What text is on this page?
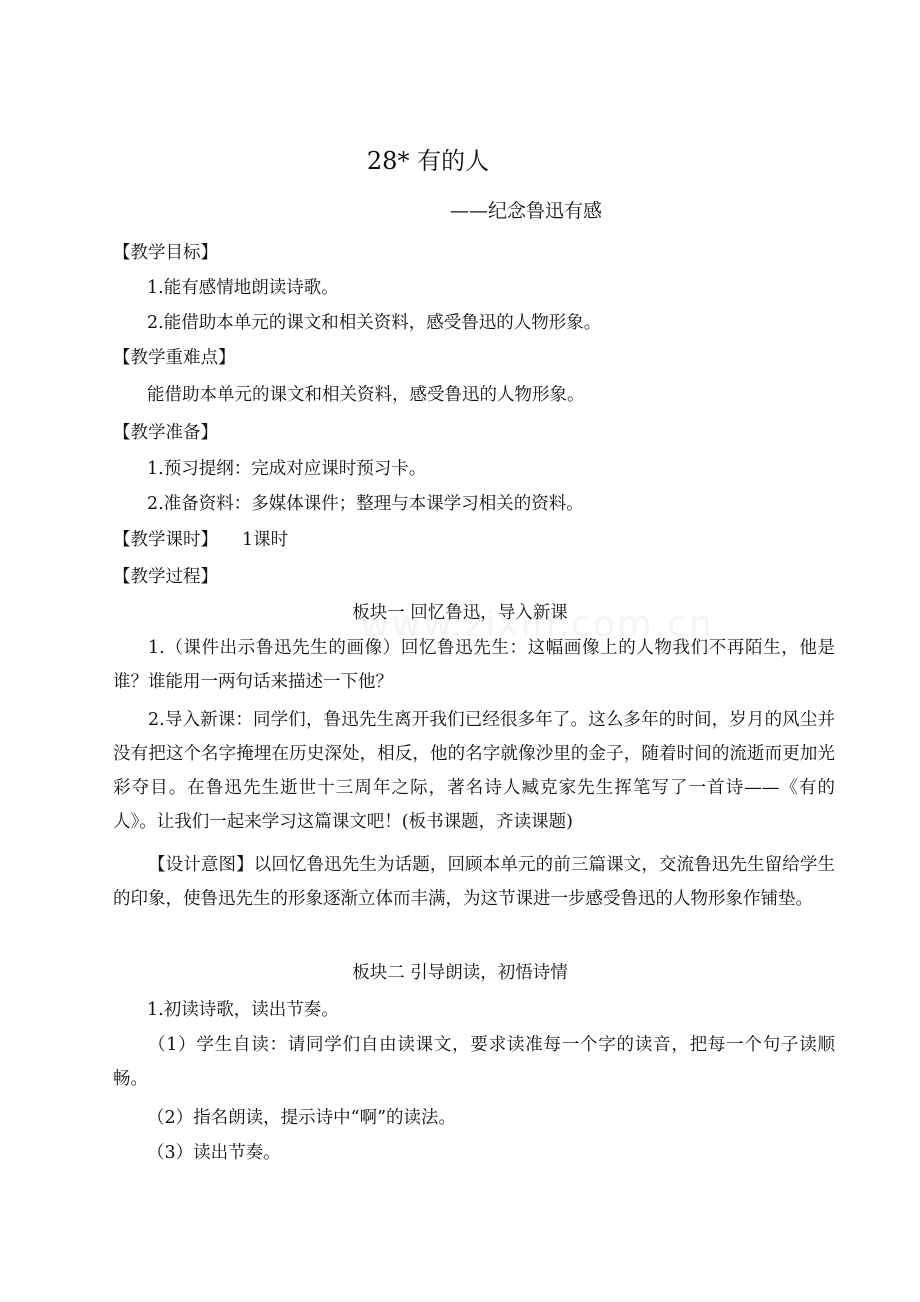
28* 有的人
——纪念鲁迅有感
【教学目标】
1.能有感情地朗读诗歌。
2.能借助本单元的课文和相关资料，感受鲁迅的人物形象。
【教学重难点】
能借助本单元的课文和相关资料，感受鲁迅的人物形象。
【教学准备】
1.预习提纲：完成对应课时预习卡。
2.准备资料：多媒体课件；整理与本课学习相关的资料。
【教学课时】 1课时
【教学过程】
板块一 回忆鲁迅，导入新课
1.（课件出示鲁迅先生的画像）回忆鲁迅先生：这幅画像上的人物我们不再陌生，他是谁？谁能用一两句话来描述一下他？
2.导入新课：同学们，鲁迅先生离开我们已经很多年了。这么多年的时间，岁月的风尘并没有把这个名字掩埋在历史深处，相反，他的名字就像沙里的金子，随着时间的流逝而更加光彩夺目。在鲁迅先生逝世十三周年之际，著名诗人臧克家先生挥笔写了一首诗——《有的人》。让我们一起来学习这篇课文吧！(板书课题，齐读课题)
【设计意图】以回忆鲁迅先生为话题，回顾本单元的前三篇课文，交流鲁迅先生留给学生的印象，使鲁迅先生的形象逐渐立体而丰满，为这节课进一步感受鲁迅的人物形象作铺垫。
板块二 引导朗读，初悟诗情
1.初读诗歌，读出节奏。
（1）学生自读：请同学们自由读课文，要求读准每一个字的读音，把每一个句子读顺畅。
（2）指名朗读，提示诗中“啊”的读法。
（3）读出节奏。
